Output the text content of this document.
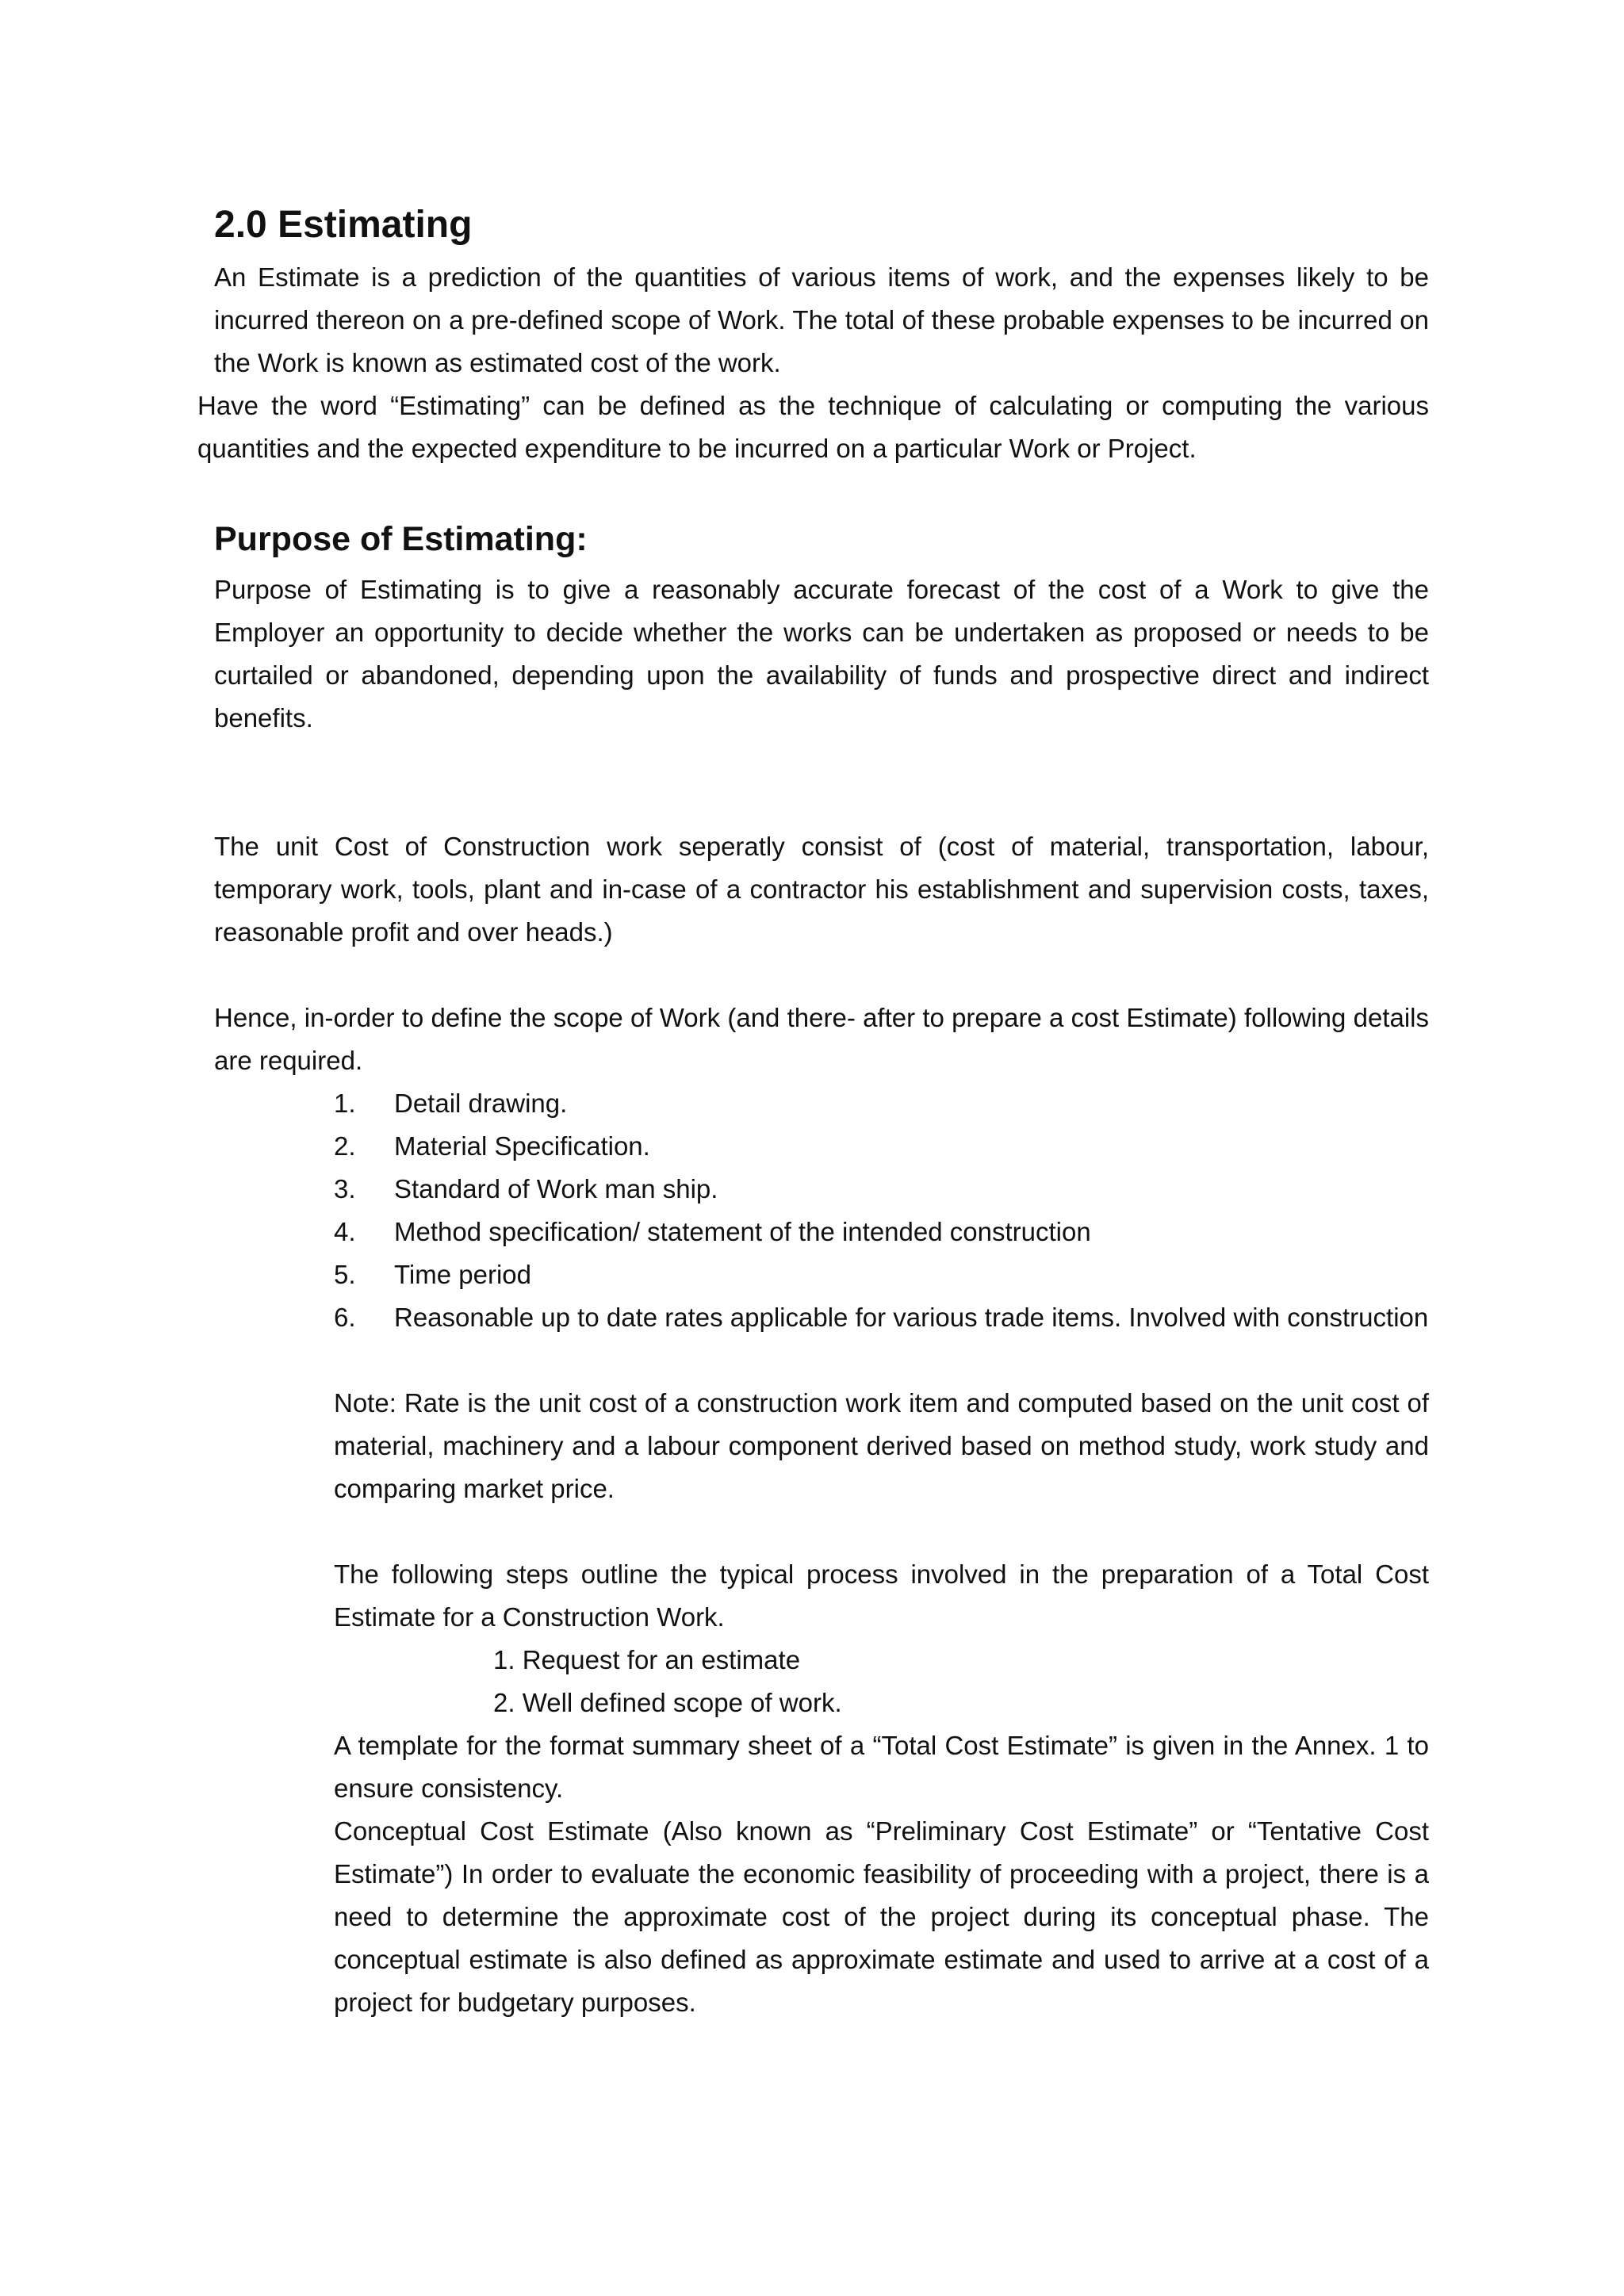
2.0 Estimating

An Estimate is a prediction of the quantities of various items of work, and the expenses likely to be incurred thereon on a pre-defined scope of Work. The total of these probable expenses to be incurred on the Work is known as estimated cost of the work.

Have the word “Estimating” can be defined as the technique of calculating or computing the various quantities and the expected expenditure to be incurred on a particular Work or Project.

Purpose of Estimating:

Purpose of Estimating is to give a reasonably accurate forecast of the cost of a Work to give the Employer an opportunity to decide whether the works can be undertaken as proposed or needs to be curtailed or abandoned, depending upon the availability of funds and prospective direct and indirect benefits.

The unit Cost of Construction work seperatly consist of (cost of material, transportation, labour, temporary work, tools, plant and in-case of a contractor his establishment and supervision costs, taxes, reasonable profit and over heads.)

Hence, in-order to define the scope of Work (and there- after to prepare a cost Estimate) following details are required.

1. Detail drawing.
2. Material Specification.
3. Standard of Work man ship.
4. Method specification/ statement of the intended construction
5. Time period
6. Reasonable up to date rates applicable for various trade items. Involved with construction

Note: Rate is the unit cost of a construction work item and computed based on the unit cost of material, machinery and a labour component derived based on method study, work study and comparing market price.

The following steps outline the typical process involved in the preparation of a Total Cost Estimate for a Construction Work.

1. Request for an estimate
2. Well defined scope of work.

A template for the format summary sheet of a “Total Cost Estimate” is given in the Annex. 1 to ensure consistency.

Conceptual Cost Estimate (Also known as “Preliminary Cost Estimate” or “Tentative Cost Estimate”) In order to evaluate the economic feasibility of proceeding with a project, there is a need to determine the approximate cost of the project during its conceptual phase. The conceptual estimate is also defined as approximate estimate and used to arrive at a cost of a project for budgetary purposes.
